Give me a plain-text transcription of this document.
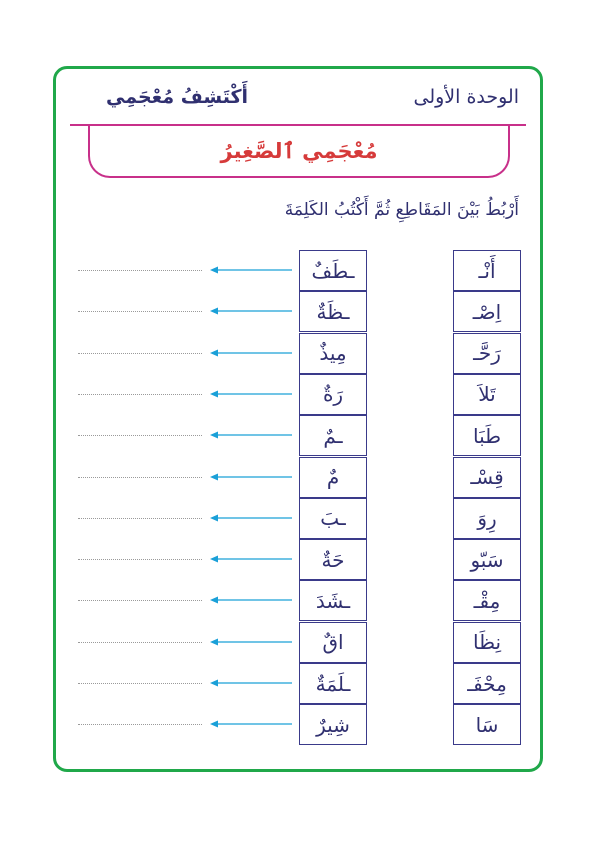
الوحدة الأولى
أَكْتَشِفُ مُعْجَمِي
مُعْجَمِي ٱلصَّغِيرُ
أَرْبُطُ بَيْنَ المَقَاطِعِ ثُمَّ أَكْتُبُ الكَلِمَةَ
أَنْـ
ـطَفٌ
اِصْـ
ـظَةٌ
رَحَّـ
مِيذٌ
تَلاَ
رَةٌ
طَبَا
ـمٌ
قِسْـ
مٌ
رِوَ
ـبَ
سَبّو
حَةٌ
مِقْـ
ـشَدَ
نِظَا
اقٌ
مِحْفَـ
ـلَمَةٌ
سَا
شِيرٌ
